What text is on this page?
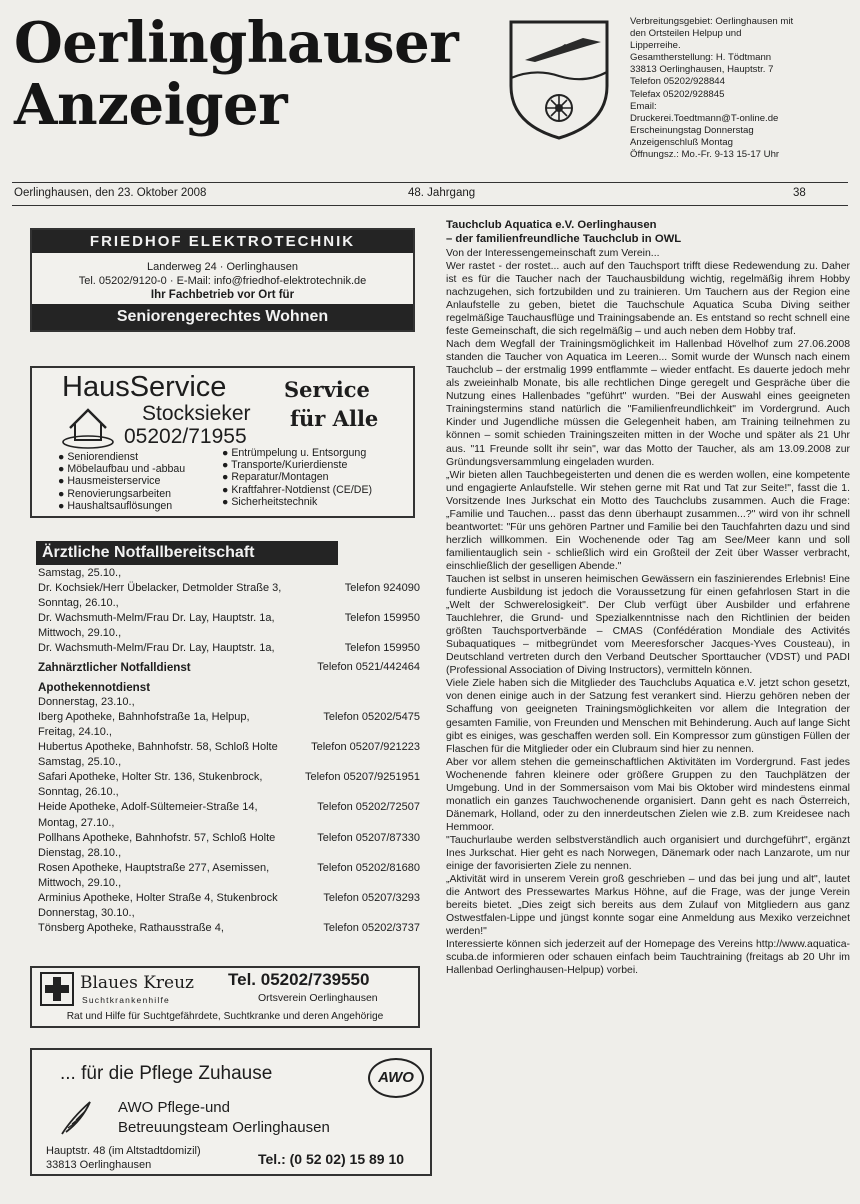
Oerlinghauser
Anzeiger
Verbreitungsgebiet: Oerlinghausen mit
den Ortsteilen Helpup und
Lipperreihe.
Gesamtherstellung: H. Tödtmann
33813 Oerlinghausen, Hauptstr. 7
Telefon 05202/928844
Telefax 05202/928845
Email:
Druckerei.Toedtmann@T-online.de
Erscheinungstag Donnerstag
Anzeigenschluß Montag
Öffnungsz.: Mo.-Fr. 9-13 15-17 Uhr
Oerlinghausen, den 23. Oktober 2008	48. Jahrgang	38
FRIEDHOF ELEKTROTECHNIK
Landerweg 24 · Oerlinghausen
Tel. 05202/9120-0 · E-Mail: info@friedhof-elektrotechnik.de
Ihr Fachbetrieb vor Ort für
Seniorengerechtes Wohnen
HausService
Stocksieker
05202/71955
Service
für Alle
● Seniorendienst
● Möbelaufbau und -abbau
● Hausmeisterservice
● Renovierungsarbeiten
● Haushaltsauflösungen
● Entrümpelung u. Entsorgung
● Transporte/Kurierdienste
● Reparatur/Montagen
● Kraftfahrer-Notdienst (CE/DE)
● Sicherheitstechnik
Ärztliche Notfallbereitschaft
Samstag, 25.10.,
Dr. Kochsiek/Herr Übelacker, Detmolder Straße 3,	Telefon 924090
Sonntag, 26.10.,
Dr. Wachsmuth-Melm/Frau Dr. Lay, Hauptstr. 1a,	Telefon 159950
Mittwoch, 29.10.,
Dr. Wachsmuth-Melm/Frau Dr. Lay, Hauptstr. 1a,	Telefon 159950
Zahnärztlicher Notfalldienst	Telefon 0521/442464
Apothekennotdienst
Donnerstag, 23.10.,
Iberg Apotheke, Bahnhofstraße 1a, Helpup,	Telefon 05202/5475
Freitag, 24.10.,
Hubertus Apotheke, Bahnhofstr. 58, Schloß Holte	Telefon 05207/921223
Samstag, 25.10.,
Safari Apotheke, Holter Str. 136, Stukenbrock,	Telefon 05207/9251951
Sonntag, 26.10.,
Heide Apotheke, Adolf-Sültemeier-Straße 14,	Telefon 05202/72507
Montag, 27.10.,
Pollhans Apotheke, Bahnhofstr. 57, Schloß Holte	Telefon 05207/87330
Dienstag, 28.10.,
Rosen Apotheke, Hauptstraße 277, Asemissen,	Telefon 05202/81680
Mittwoch, 29.10.,
Arminius Apotheke, Holter Straße 4, Stukenbrock	Telefon 05207/3293
Donnerstag, 30.10.,
Tönsberg Apotheke, Rathausstraße 4,	Telefon 05202/3737
Blaues Kreuz
Suchtkrankenhilfe
Tel. 05202/739550
Ortsverein Oerlinghausen
Rat und Hilfe für Suchtgefährdete, Suchtkranke und deren Angehörige
... für die Pflege Zuhause	AWO
AWO Pflege-und
Betreuungsteam Oerlinghausen
Hauptstr. 48 (im Altstadtdomizil)
33813 Oerlinghausen	Tel.: (0 52 02) 15 89 10
Tauchclub Aquatica e.V. Oerlinghausen
– der familienfreundliche Tauchclub in OWL

Von der Interessengemeinschaft zum Verein...

Wer rastet - der rostet... auch auf den Tauchsport trifft diese Redewendung zu. Daher ist es für die Taucher nach der Tauchausbildung wichtig, regelmäßig ihrem Hobby nachzugehen, sich fortzubilden und zu trainieren. Um Tauchern aus der Region eine Anlaufstelle zu geben, bietet die Tauchschule Aquatica Scuba Diving seither regelmäßige Tauchausflüge und Trainingsabende an. Es entstand so recht schnell eine feste Gemeinschaft, die sich regelmäßig – und auch neben dem Hobby traf.

Nach dem Wegfall der Trainingsmöglichkeit im Hallenbad Hövelhof zum 27.06.2008 standen die Taucher von Aquatica im Leeren... Somit wurde der Wunsch nach einem Tauchclub – der erstmalig 1999 entflammte – wieder entfacht. Es dauerte jedoch mehr als zweieinhalb Monate, bis alle rechtlichen Dinge geregelt und Gespräche über die Nutzung eines Hallenbades "geführt" wurden. "Bei der Auswahl eines geeigneten Trainingstermins stand natürlich die "Familienfreundlichkeit" im Vordergrund. Auch Kinder und Jugendliche müssen die Gelegenheit haben, am Training teilnehmen zu können – somit schieden Trainingszeiten mitten in der Woche und später als 21 Uhr aus. "11 Freunde sollt ihr sein", war das Motto der Taucher, als am 13.09.2008 zur Gründungsversammlung eingeladen wurden.

„Wir bieten allen Tauchbegeisterten und denen die es werden wollen, eine kompetente und engagierte Anlaufstelle. Wir stehen gerne mit Rat und Tat zur Seite!", fasst die 1. Vorsitzende Ines Jurkschat ein Motto des Tauchclubs zusammen. Auch die Frage: „Familie und Tauchen... passt das denn überhaupt zusammen...?" wird von ihr schnell beantwortet: "Für uns gehören Partner und Familie bei den Tauchfahrten dazu und sind herzlich willkommen. Ein Wochenende oder Tag am See/Meer kann und soll familientauglich sein - schließlich wird ein Großteil der Zeit über Wasser verbracht, einschließlich der geselligen Abende."

Tauchen ist selbst in unseren heimischen Gewässern ein faszinierendes Erlebnis! Eine fundierte Ausbildung ist jedoch die Voraussetzung für einen gefahrlosen Start in die „Welt der Schwerelosigkeit". Der Club verfügt über Ausbilder und erfahrene Tauchlehrer, die Grund- und Spezialkenntnisse nach den Richtlinien der beiden größten Tauchsportverbände – CMAS (Confédération Mondiale des Activités Subaquatiques – mitbegründet vom Meeresforscher Jacques-Yves Cousteau), in Deutschland vertreten durch den Verband Deutscher Sporttaucher (VDST) und PADI (Professional Association of Diving Instructors), vermitteln können.

Viele Ziele haben sich die Mitglieder des Tauchclubs Aquatica e.V. jetzt schon gesetzt, von denen einige auch in der Satzung fest verankert sind. Hierzu gehören neben der Schaffung von geeigneten Trainingsmöglichkeiten vor allem die Integration der gesamten Familie, von Freunden und Menschen mit Behinderung. Auch auf lange Sicht gibt es einiges, was geschaffen werden soll. Ein Kompressor zum günstigen Füllen der Flaschen für die Mitglieder oder ein Clubraum sind hier zu nennen.

Aber vor allem stehen die gemeinschaftlichen Aktivitäten im Vordergrund. Fast jedes Wochenende fahren kleinere oder größere Gruppen zu den Tauchplätzen der Umgebung. Und in der Sommersaison vom Mai bis Oktober wird mindestens einmal monatlich ein ganzes Tauchwochenende organisiert. Dann geht es nach Österreich, Dänemark, Holland, oder zu den innerdeutschen Zielen wie z.B. zum Kreidesee nach Hemmoor.

"Tauchurlaube werden selbstverständlich auch organisiert und durchgeführt", ergänzt Ines Jurkschat. Hier geht es nach Norwegen, Dänemark oder nach Lanzarote, um nur einige der favorisierten Ziele zu nennen.

„Aktivität wird in unserem Verein groß geschrieben – und das bei jung und alt", lautet die Antwort des Pressewartes Markus Höhne, auf die Frage, was der junge Verein bereits bietet. „Dies zeigt sich bereits aus dem Zulauf von Mitgliedern aus ganz Ostwestfalen-Lippe und jüngst konnte sogar eine Anmeldung aus Mexiko verzeichnet werden!"

Interessierte können sich jederzeit auf der Homepage des Vereins http://www.aquatica-scuba.de informieren oder schauen einfach beim Tauchtraining (freitags ab 20 Uhr im Hallenbad Oerlinghausen-Helpup) vorbei.
